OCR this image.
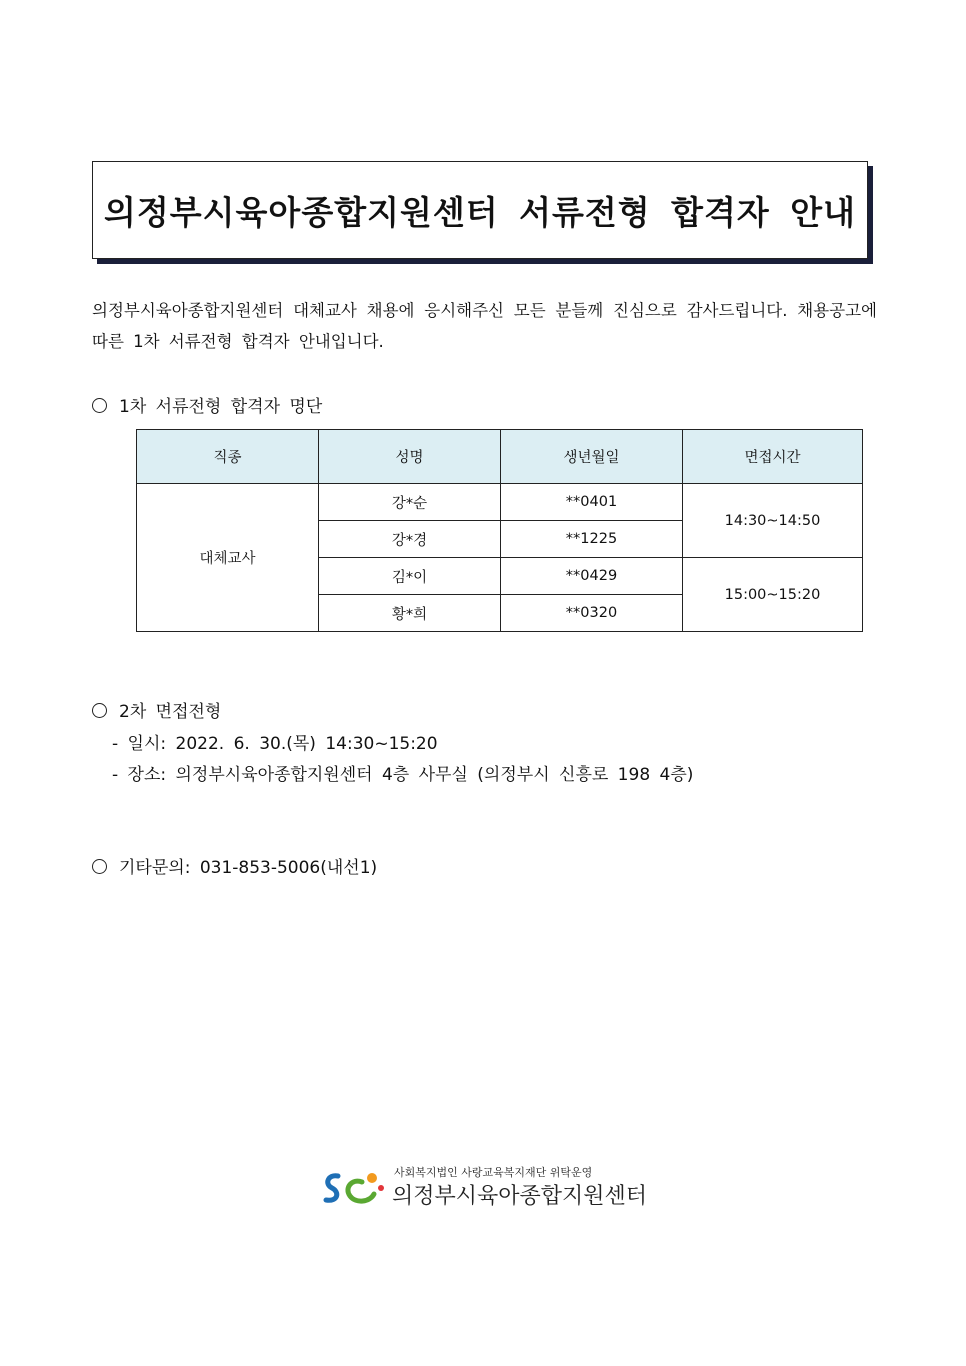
의정부시육아종합지원센터 서류전형 합격자 안내
의정부시육아종합지원센터 대체교사 채용에 응시해주신 모든 분들께 진심으로 감사드립니다. 채용공고에 따른 1차 서류전형 합격자 안내입니다.
1차 서류전형 합격자 명단
직종	성명	생년월일	면접시간
대체교사	강*순	**0401	14:30~14:50
	강*경	**1225	
	김*이	**0429	15:00~15:20
	황*희	**0320	
2차 면접전형
- 일시: 2022. 6. 30.(목) 14:30~15:20
- 장소: 의정부시육아종합지원센터 4층 사무실 (의정부시 신흥로 198 4층)
기타문의: 031-853-5006(내선1)
사회복지법인 사랑교육복지재단 위탁운영
의정부시육아종합지원센터
